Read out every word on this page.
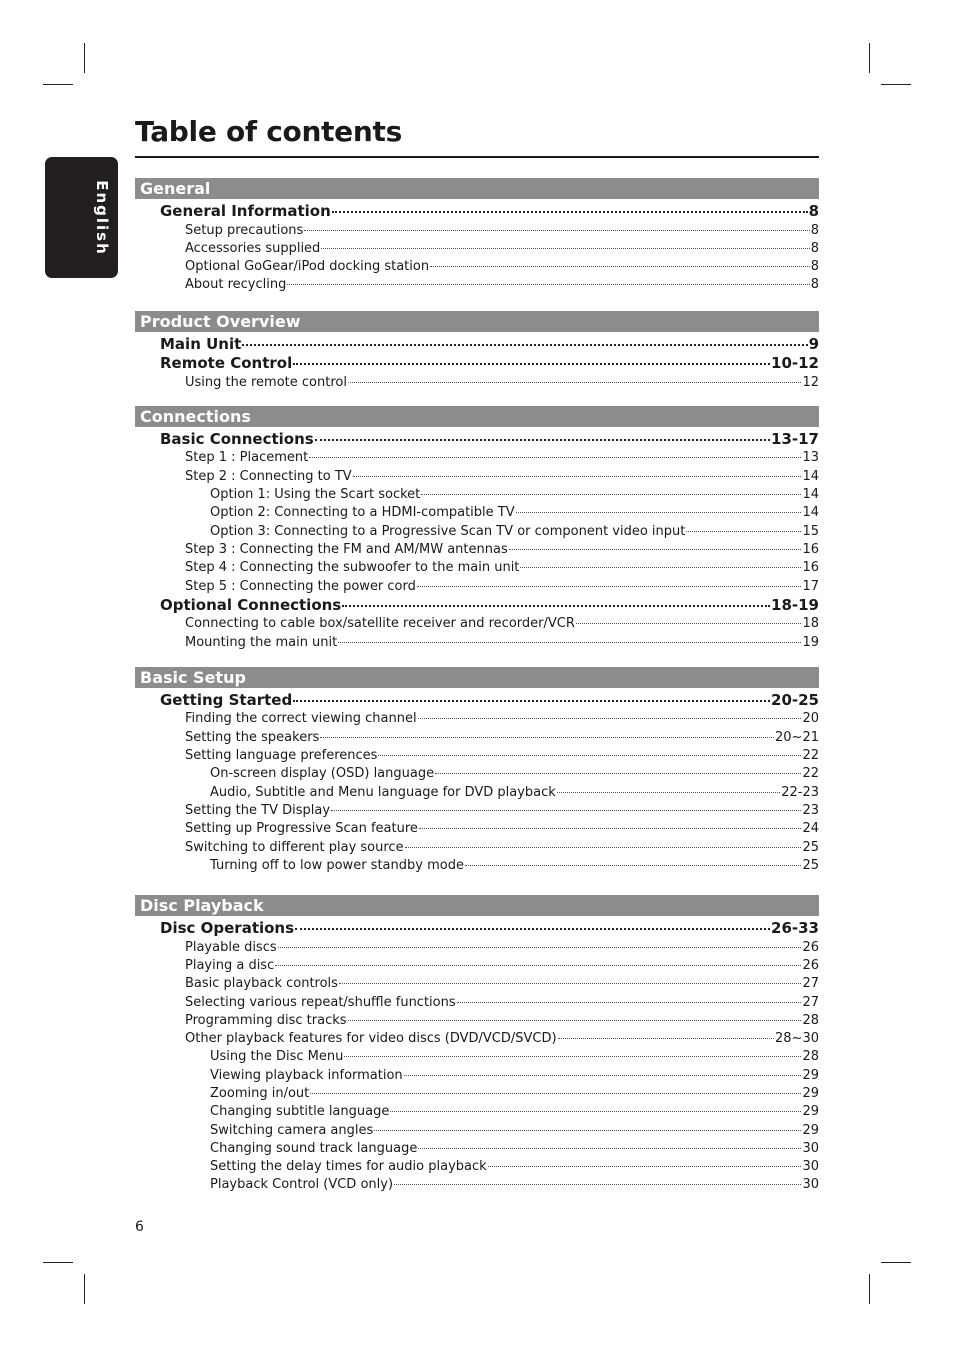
English
Table of contents
General
General Information	8
Setup precautions	8
Accessories supplied	8
Optional GoGear/iPod docking station	8
About recycling	8
Product Overview
Main Unit	9
Remote Control	10-12
Using the remote control	12
Connections
Basic Connections	13-17
Step 1 : Placement	13
Step 2 : Connecting to TV	14
Option 1: Using the Scart socket	14
Option 2: Connecting to a HDMI-compatible TV	14
Option 3: Connecting to a Progressive Scan TV or component video input	15
Step 3 : Connecting the FM and AM/MW antennas	16
Step 4 : Connecting the subwoofer to the main unit	16
Step 5 : Connecting the power cord	17
Optional Connections	18-19
Connecting to cable box/satellite receiver and recorder/VCR	18
Mounting the main unit	19
Basic Setup
Getting Started	20-25
Finding the correct viewing channel	20
Setting the speakers	20~21
Setting language preferences	22
On-screen display (OSD) language	22
Audio, Subtitle and Menu language for DVD playback	22-23
Setting the TV Display	23
Setting up Progressive Scan feature	24
Switching to different play source	25
Turning off to low power standby mode	25
Disc Playback
Disc Operations	26-33
Playable discs	26
Playing a disc	26
Basic playback controls	27
Selecting various repeat/shuffle functions	27
Programming disc tracks	28
Other playback features for video discs (DVD/VCD/SVCD)	28~30
Using the Disc Menu	28
Viewing playback information	29
Zooming in/out	29
Changing subtitle language	29
Switching camera angles	29
Changing sound track language	30
Setting the delay times for audio playback	30
Playback Control (VCD only)	30
6
